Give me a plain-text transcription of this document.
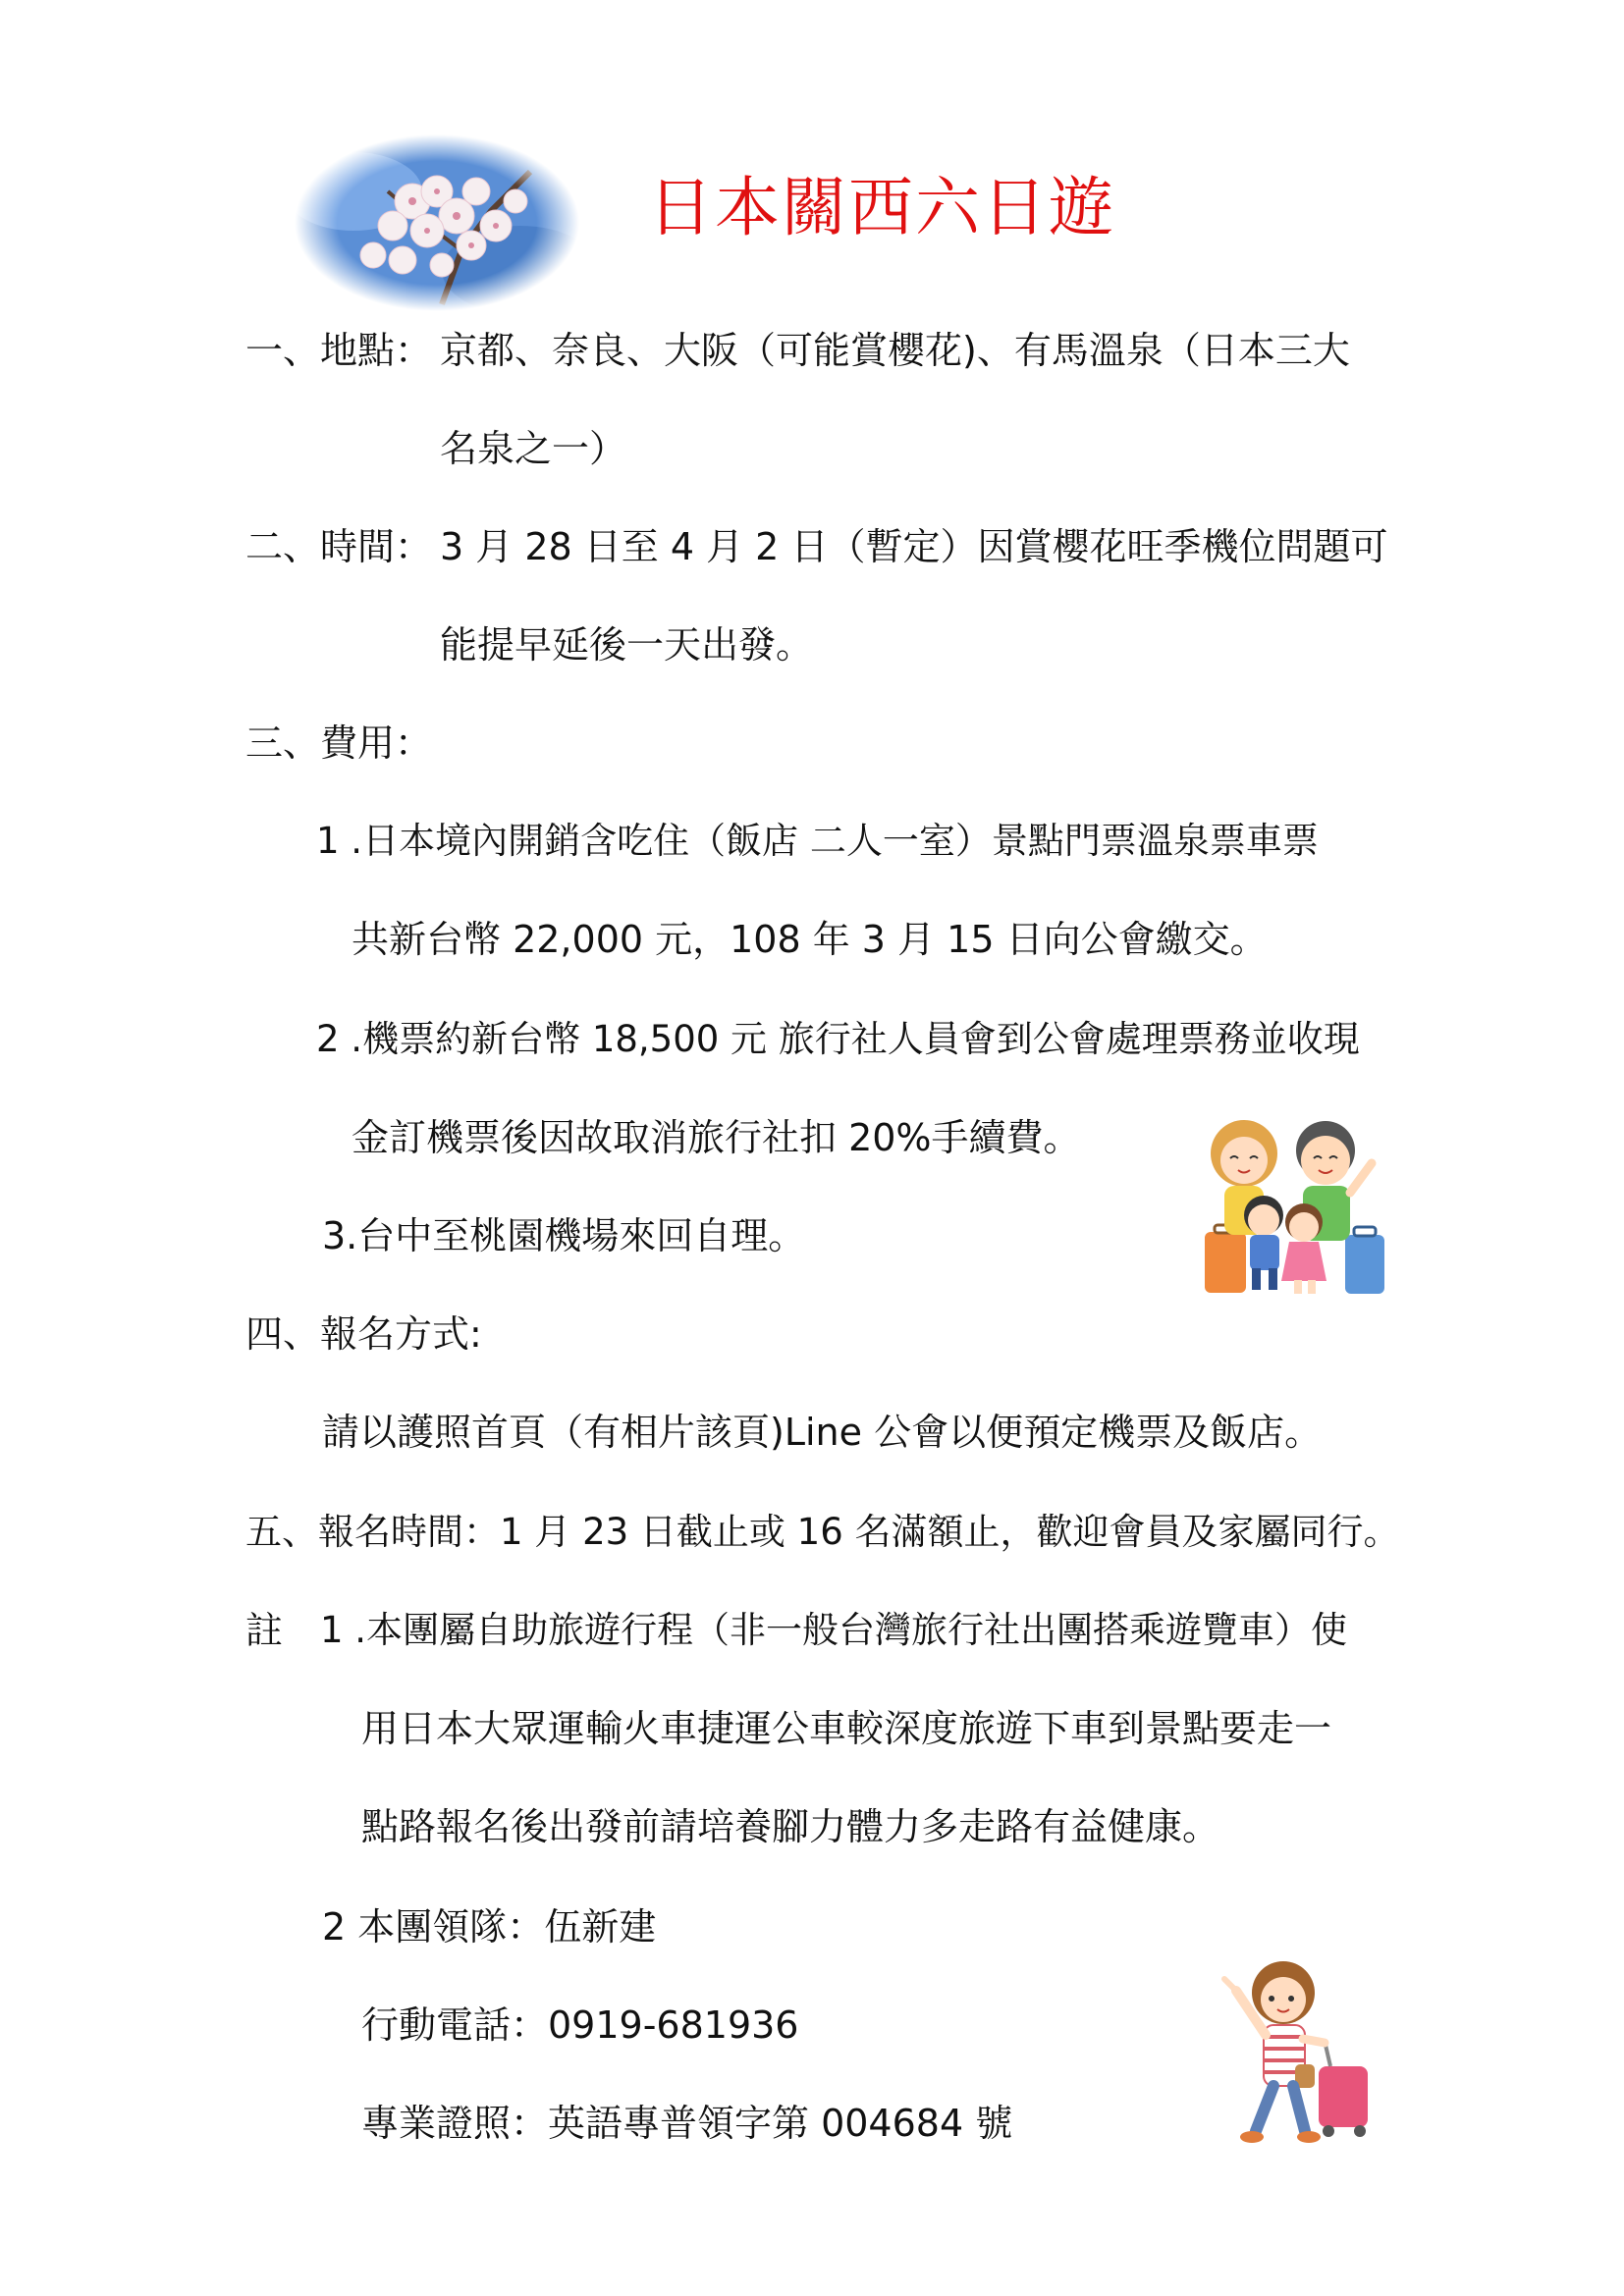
日本關西六日遊
一、地點： 京都、奈良、大阪（可能賞櫻花)、有馬溫泉（日本三大
名泉之一）
二、時間： 3 月 28 日至 4 月 2 日（暫定）因賞櫻花旺季機位問題可
能提早延後一天出發。
三、費用：
1 .日本境內開銷含吃住（飯店 二人一室）景點門票溫泉票車票
共新台幣 22,000 元，108 年 3 月 15 日向公會繳交。
2 .機票約新台幣 18,500 元 旅行社人員會到公會處理票務並收現
金訂機票後因故取消旅行社扣 20%手續費。
3.台中至桃園機場來回自理。
四、報名方式:
請以護照首頁（有相片該頁)Line 公會以便預定機票及飯店。
五、報名時間：1 月 23 日截止或 16 名滿額止，歡迎會員及家屬同行。
註 1 .本團屬自助旅遊行程（非一般台灣旅行社出團搭乘遊覽車）使
用日本大眾運輸火車捷運公車較深度旅遊下車到景點要走一
點路報名後出發前請培養腳力體力多走路有益健康。
2 本團領隊：伍新建
行動電話：0919-681936
專業證照：英語專普領字第 004684 號
